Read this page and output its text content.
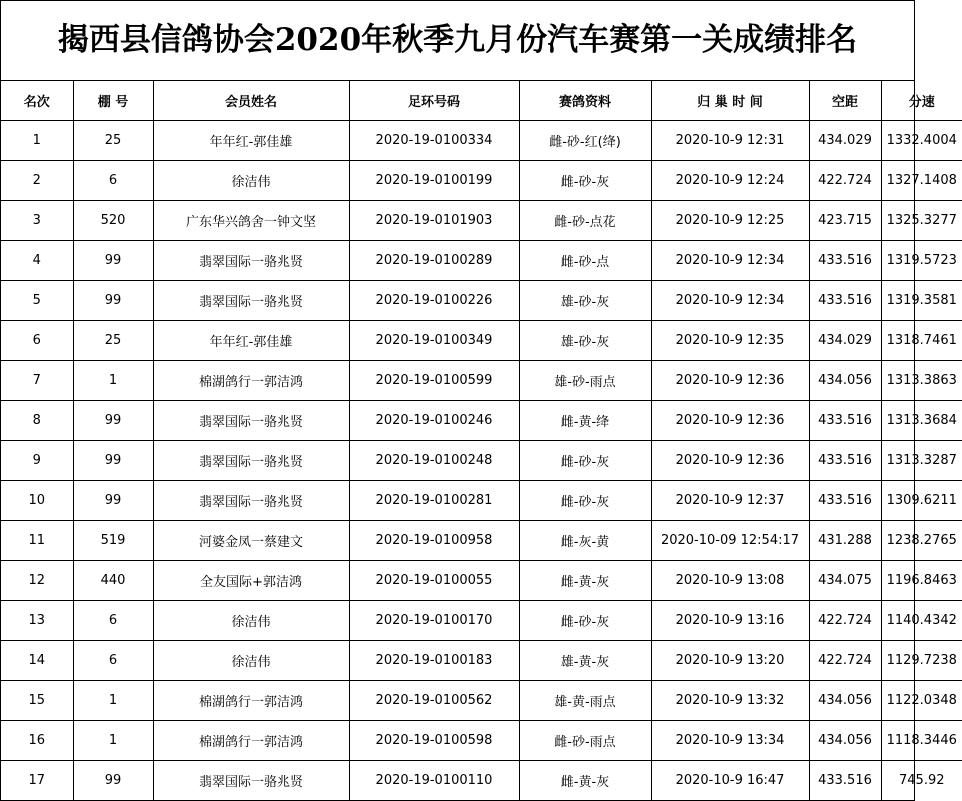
揭西县信鸽协会2020年秋季九月份汽车赛第一关成绩排名
名次	棚 号	会员姓名	足环号码	赛鸽资料	归 巢 时 间	空距	分速
1	25	年年红-郭佳雄	2020-19-0100334	雌-砂-红(绛)	2020-10-9 12:31	434.029	1332.4004
2	6	徐洁伟	2020-19-0100199	雌-砂-灰	2020-10-9 12:24	422.724	1327.1408
3	520	广东华兴鸽舍一钟文坚	2020-19-0101903	雌-砂-点花	2020-10-9 12:25	423.715	1325.3277
4	99	翡翠国际一骆兆贤	2020-19-0100289	雌-砂-点	2020-10-9 12:34	433.516	1319.5723
5	99	翡翠国际一骆兆贤	2020-19-0100226	雄-砂-灰	2020-10-9 12:34	433.516	1319.3581
6	25	年年红-郭佳雄	2020-19-0100349	雄-砂-灰	2020-10-9 12:35	434.029	1318.7461
7	1	棉湖鸽行一郭洁鸿	2020-19-0100599	雄-砂-雨点	2020-10-9 12:36	434.056	1313.3863
8	99	翡翠国际一骆兆贤	2020-19-0100246	雌-黄-绛	2020-10-9 12:36	433.516	1313.3684
9	99	翡翠国际一骆兆贤	2020-19-0100248	雌-砂-灰	2020-10-9 12:36	433.516	1313.3287
10	99	翡翠国际一骆兆贤	2020-19-0100281	雌-砂-灰	2020-10-9 12:37	433.516	1309.6211
11	519	河婆金凤一蔡建文	2020-19-0100958	雌-灰-黄	2020-10-09 12:54:17	431.288	1238.2765
12	440	全友国际+郭洁鸿	2020-19-0100055	雌-黄-灰	2020-10-9 13:08	434.075	1196.8463
13	6	徐洁伟	2020-19-0100170	雌-砂-灰	2020-10-9 13:16	422.724	1140.4342
14	6	徐洁伟	2020-19-0100183	雄-黄-灰	2020-10-9 13:20	422.724	1129.7238
15	1	棉湖鸽行一郭洁鸿	2020-19-0100562	雄-黄-雨点	2020-10-9 13:32	434.056	1122.0348
16	1	棉湖鸽行一郭洁鸿	2020-19-0100598	雌-砂-雨点	2020-10-9 13:34	434.056	1118.3446
17	99	翡翠国际一骆兆贤	2020-19-0100110	雌-黄-灰	2020-10-9 16:47	433.516	745.92
